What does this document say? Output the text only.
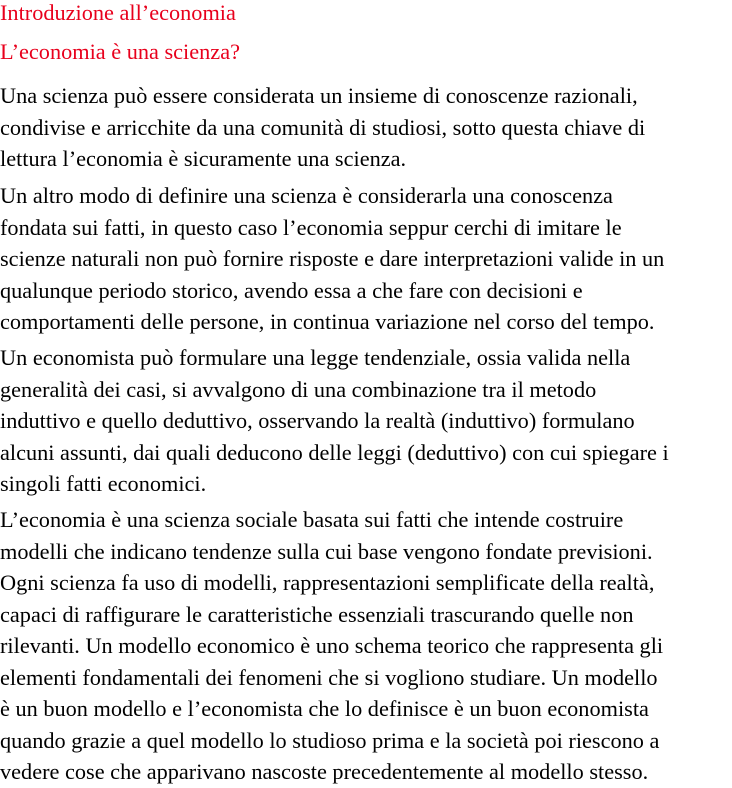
Introduzione all’economia
L’economia è una scienza?

Una scienza può essere considerata un insieme di conoscenze razionali,
condivise e arricchite da una comunità di studiosi, sotto questa chiave di
lettura l’economia è sicuramente una scienza.

Un altro modo di definire una scienza è considerarla una conoscenza
fondata sui fatti, in questo caso l’economia seppur cerchi di imitare le
scienze naturali non può fornire risposte e dare interpretazioni valide in un
qualunque periodo storico, avendo essa a che fare con decisioni e
comportamenti delle persone, in continua variazione nel corso del tempo.

Un economista può formulare una legge tendenziale, ossia valida nella
generalità dei casi, si avvalgono di una combinazione tra il metodo
induttivo e quello deduttivo, osservando la realtà (induttivo) formulano
alcuni assunti, dai quali deducono delle leggi (deduttivo) con cui spiegare i
singoli fatti economici.

L’economia è una scienza sociale basata sui fatti che intende costruire
modelli che indicano tendenze sulla cui base vengono fondate previsioni.
Ogni scienza fa uso di modelli, rappresentazioni semplificate della realtà,
capaci di raffigurare le caratteristiche essenziali trascurando quelle non
rilevanti. Un modello economico è uno schema teorico che rappresenta gli
elementi fondamentali dei fenomeni che si vogliono studiare. Un modello
è un buon modello e l’economista che lo definisce è un buon economista
quando grazie a quel modello lo studioso prima e la società poi riescono a
vedere cose che apparivano nascoste precedentemente al modello stesso.
